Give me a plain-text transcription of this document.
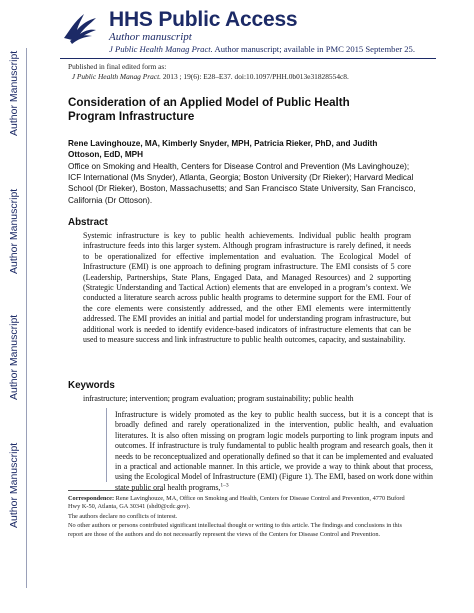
HHS Public Access
Author manuscript
J Public Health Manag Pract. Author manuscript; available in PMC 2015 September 25.
Published in final edited form as:
J Public Health Manag Pract. 2013 ; 19(6): E28–E37. doi:10.1097/PHH.0b013e31828554c8.
Author Manuscript
Author Manuscript
Author Manuscript
Author Manuscript
Consideration of an Applied Model of Public Health Program Infrastructure
Rene Lavinghouze, MA, Kimberly Snyder, MPH, Patricia Rieker, PhD, and Judith Ottoson, EdD, MPH
Office on Smoking and Health, Centers for Disease Control and Prevention (Ms Lavinghouze); ICF International (Ms Snyder), Atlanta, Georgia; Boston University (Dr Rieker); Harvard Medical School (Dr Rieker), Boston, Massachusetts; and San Francisco State University, San Francisco, California (Dr Ottoson).
Abstract
Systemic infrastructure is key to public health achievements. Individual public health program infrastructure feeds into this larger system. Although program infrastructure is rarely defined, it needs to be operationalized for effective implementation and evaluation. The Ecological Model of Infrastructure (EMI) is one approach to defining program infrastructure. The EMI consists of 5 core (Leadership, Partnerships, State Plans, Engaged Data, and Managed Resources) and 2 supporting (Strategic Understanding and Tactical Action) elements that are enveloped in a program’s context. We conducted a literature search across public health programs to determine support for the EMI. Four of the core elements were consistently addressed, and the other EMI elements were intermittently addressed. The EMI provides an initial and partial model for understanding program infrastructure, but additional work is needed to identify evidence-based indicators of infrastructure elements that can be used to measure success and link infrastructure to public health outcomes, capacity, and sustainability.
Keywords
infrastructure; intervention; program evaluation; program sustainability; public health
Infrastructure is widely promoted as the key to public health success, but it is a concept that is broadly defined and rarely operationalized in the intervention, public health, and evaluation literatures. It is also often missing on program logic models purporting to link program inputs and outcomes. If infrastructure is truly fundamental to public health program and research goals, then it needs to be reconceptualized and operationally defined so that it can be implemented and evaluated in a practical and actionable manner. In this article, we provide a way to think about that process, using the Ecological Model of Infrastructure (EMI) (Figure 1). The EMI, based on work done within state public oral health programs,$^{1-3}$

Correspondence: Rene Lavinghouze, MA, Office on Smoking and Health, Centers for Disease Control and Prevention, 4770 Buford Hwy K-50, Atlanta, GA 30341 (shd0@cdc.gov).

The authors declare no conflicts of interest.

No other authors or persons contributed significant intellectual thought or writing to this article. The findings and conclusions in this report are those of the authors and do not necessarily represent the views of the Centers for Disease Control and Prevention.
